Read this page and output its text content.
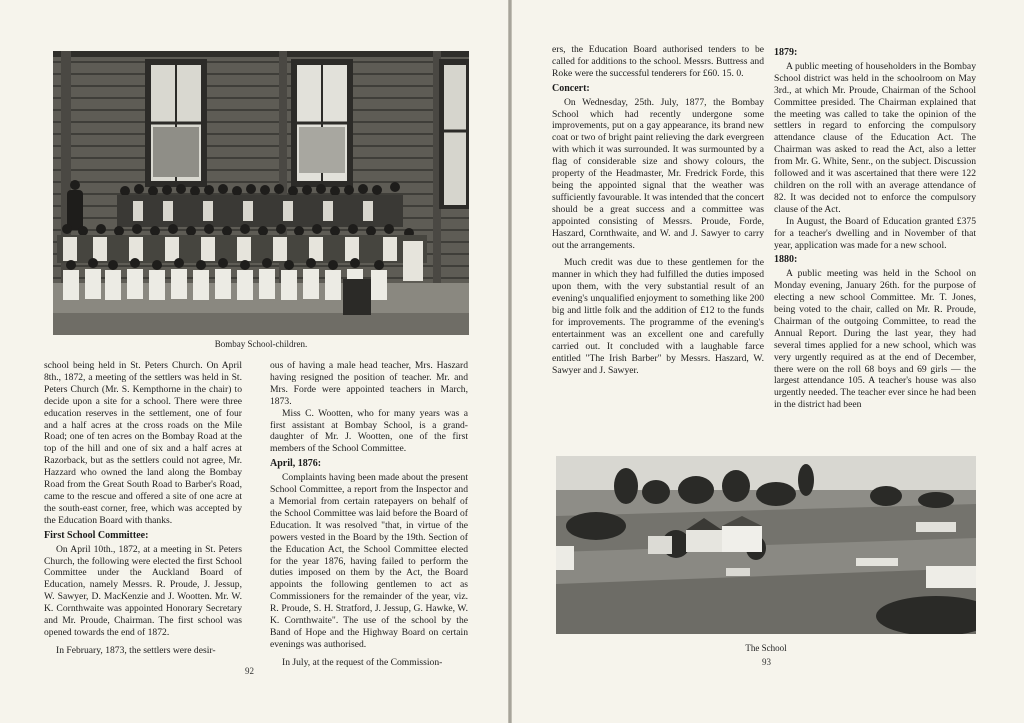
Bombay School-children.

school being held in St. Peters Church. On April 8th., 1872, a meeting of the settlers was held in St. Peters Church (Mr. S. Kempthorne in the chair) to decide upon a site for a school. There were three education reserves in the settlement, one of four and a half acres at the cross roads on the Mile Road; one of ten acres on the Bombay Road at the top of the hill and one of six and a half acres at Razorback, but as the settlers could not agree, Mr. Hazzard who owned the land along the Bombay Road from the Great South Road to Barber's Road, came to the rescue and offered a site of one acre at the south-east corner, free, which was accepted by the Education Board with thanks.

First School Committee:

On April 10th., 1872, at a meeting in St. Peters Church, the following were elected the first School Committee under the Auckland Board of Education, namely Messrs. R. Proude, J. Jessup, W. Sawyer, D. MacKenzie and J. Wootten. Mr. W. K. Cornthwaite was appointed Honorary Secretary and Mr. Proude, Chairman. The first school was opened towards the end of 1872.

In February, 1873, the settlers were desir-

ous of having a male head teacher, Mrs. Haszard having resigned the position of teacher. Mr. and Mrs. Forde were appointed teachers in March, 1873.

Miss C. Wootten, who for many years was a first assistant at Bombay School, is a grand-daughter of Mr. J. Wootten, one of the first members of the School Committee.

April, 1876:

Complaints having been made about the present School Committee, a report from the Inspector and a Memorial from certain ratepayers on behalf of the School Committee was laid before the Board of Education. It was resolved "that, in virtue of the powers vested in the Board by the 19th. Section of the Education Act, the School Committee elected for the year 1876, having failed to perform the duties imposed on them by the Act, the Board appoints the following gentlemen to act as Commissioners for the remainder of the year, viz. R. Proude, S. H. Stratford, J. Jessup, G. Hawke, W. K. Cornthwaite". The use of the school by the Band of Hope and the Highway Board on certain evenings was authorised.

In July, at the request of the Commission-

92

ers, the Education Board authorised tenders to be called for additions to the school. Messrs. Buttress and Roke were the successful tenderers for £60. 15. 0.

Concert:

On Wednesday, 25th. July, 1877, the Bombay School which had recently undergone some improvements, put on a gay appearance, its brand new coat or two of bright paint relieving the dark evergreen with which it was surrounded. It was surmounted by a flag of considerable size and showy colours, the property of the Headmaster, Mr. Fredrick Forde, this being the appointed signal that the weather was sufficiently favourable. It was intended that the concert should be a great success and a committee was appointed consisting of Messrs. Proude, Forde, Haszard, Cornthwaite, and W. and J. Sawyer to carry out the arrangements.

Much credit was due to these gentlemen for the manner in which they had fulfilled the duties imposed upon them, with the very substantial result of an evening's unqualified enjoyment to something like 200 big and little folk and the addition of £12 to the funds for improvements. The programme of the evening's entertainment was an excellent one and carefully carried out. It concluded with a laughable farce entitled "The Irish Barber" by Messrs. Haszard, W. Sawyer and J. Sawyer.

1879:

A public meeting of householders in the Bombay School district was held in the schoolroom on May 3rd., at which Mr. Proude, Chairman of the School Committee presided. The Chairman explained that the meeting was called to take the opinion of the settlers in regard to enforcing the compulsory attendance clause of the Education Act. The Chairman was asked to read the Act, also a letter from Mr. G. White, Senr., on the subject. Discussion followed and it was ascertained that there were 122 children on the roll with an average attendance of 82. It was decided not to enforce the compulsory clause of the Act.

In August, the Board of Education granted £375 for a teacher's dwelling and in November of that year, application was made for a new school.

1880:

A public meeting was held in the School on Monday evening, January 26th. for the purpose of electing a new school Committee. Mr. T. Jones, being voted to the chair, called on Mr. R. Proude, Chairman of the outgoing Committee, to read the Annual Report. During the last year, they had several times applied for a new school, which was very urgently required as at the end of December, there were on the roll 68 boys and 69 girls — the largest attendance 105. A teacher's house was also urgently needed. The teacher ever since he had been in the district had been

The School
93
